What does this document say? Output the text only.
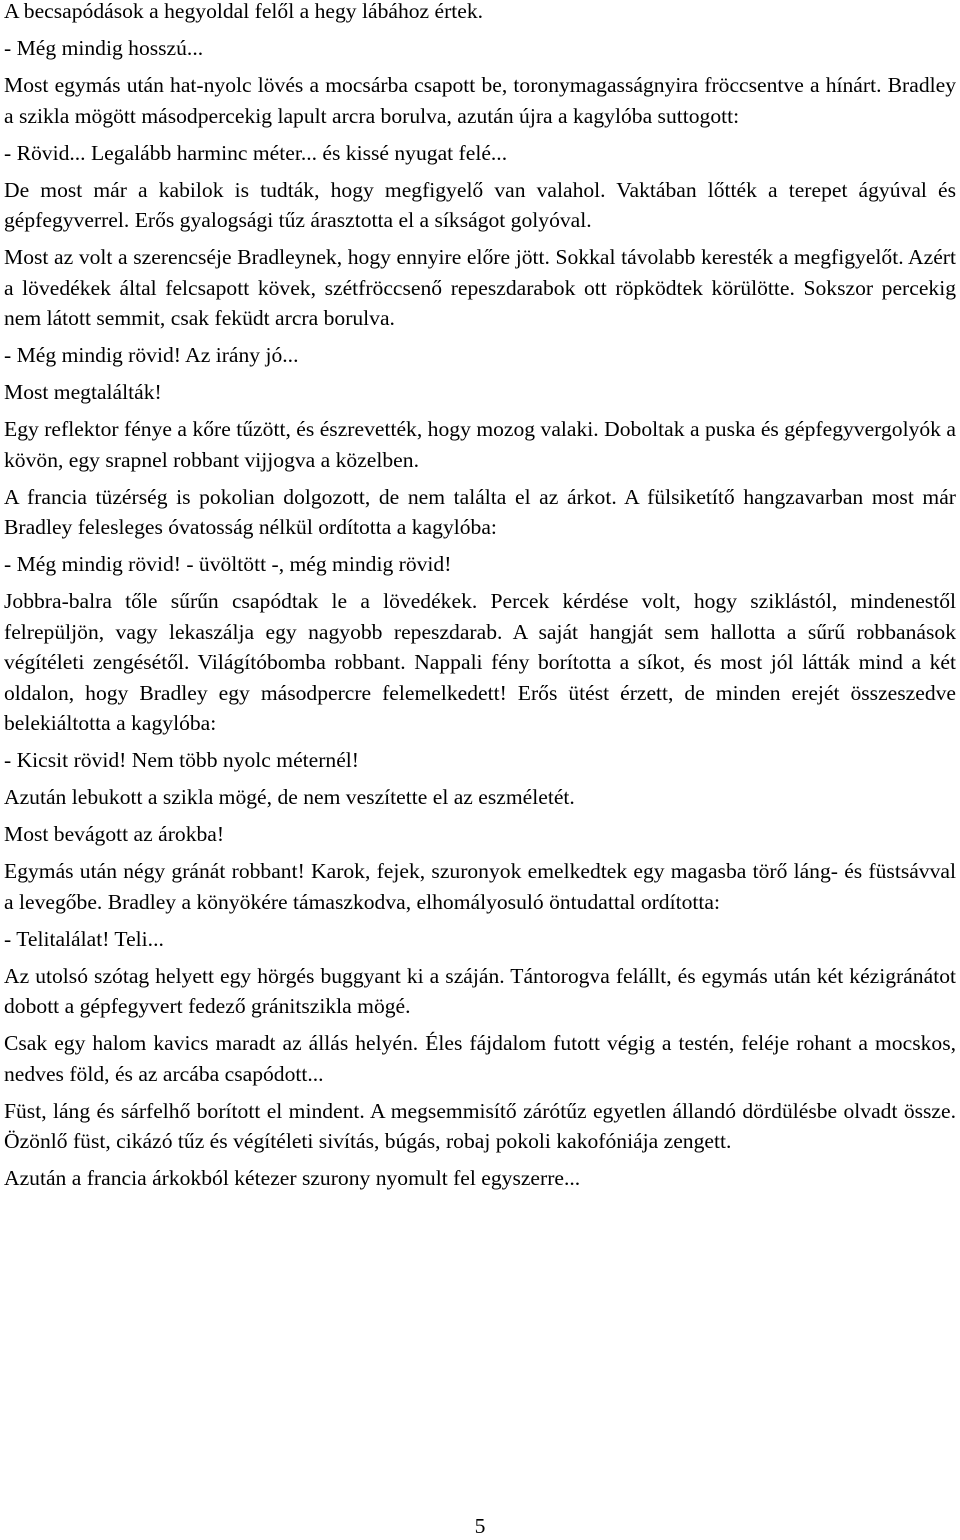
A becsapódások a hegyoldal felől a hegy lábához értek.

- Még mindig hosszú...

Most egymás után hat-nyolc lövés a mocsárba csapott be, toronymagasságnyira fröccsentve a hínárt. Bradley a szikla mögött másodpercekig lapult arcra borulva, azután újra a kagylóba suttogott:

- Rövid... Legalább harminc méter... és kissé nyugat felé...

De most már a kabilok is tudták, hogy megfigyelő van valahol. Vaktában lőtték a terepet ágyúval és gépfegyverrel. Erős gyalogsági tűz árasztotta el a síkságot golyóval.

Most az volt a szerencséje Bradleynek, hogy ennyire előre jött. Sokkal távolabb keresték a megfigyelőt. Azért a lövedékek által felcsapott kövek, szétfröccsenő repeszdarabok ott röpködtek körülötte. Sokszor percekig nem látott semmit, csak feküdt arcra borulva.

- Még mindig rövid! Az irány jó...

Most megtalálták!

Egy reflektor fénye a kőre tűzött, és észrevették, hogy mozog valaki. Doboltak a puska és gépfegyvergolyók a kövön, egy srapnel robbant vijjogva a közelben.

A francia tüzérség is pokolian dolgozott, de nem találta el az árkot. A fülsiketítő hangzavarban most már Bradley felesleges óvatosság nélkül ordította a kagylóba:

- Még mindig rövid! - üvöltött -, még mindig rövid!

Jobbra-balra tőle sűrűn csapódtak le a lövedékek. Percek kérdése volt, hogy sziklástól, mindenestől felrepüljön, vagy lekaszálja egy nagyobb repeszdarab. A saját hangját sem hallotta a sűrű robbanások végítéleti zengésétől. Világítóbomba robbant. Nappali fény borította a síkot, és most jól látták mind a két oldalon, hogy Bradley egy másodpercre felemelkedett! Erős ütést érzett, de minden erejét összeszedve belekiáltotta a kagylóba:

- Kicsit rövid! Nem több nyolc méternél!

Azután lebukott a szikla mögé, de nem veszítette el az eszméletét.

Most bevágott az árokba!

Egymás után négy gránát robbant! Karok, fejek, szuronyok emelkedtek egy magasba törő láng- és füstsávval a levegőbe. Bradley a könyökére támaszkodva, elhomályosuló öntudattal ordította:

- Telitalálat! Teli...

Az utolsó szótag helyett egy hörgés buggyant ki a száján. Tántorogva felállt, és egymás után két kézigránátot dobott a gépfegyvert fedező gránitszikla mögé.

Csak egy halom kavics maradt az állás helyén. Éles fájdalom futott végig a testén, feléje rohant a mocskos, nedves föld, és az arcába csapódott...

Füst, láng és sárfelhő borított el mindent. A megsemmisítő zárótűz egyetlen állandó dördülésbe olvadt össze. Özönlő füst, cikázó tűz és végítéleti sivítás, búgás, robaj pokoli kakofóniája zengett.

Azután a francia árkokból kétezer szurony nyomult fel egyszerre...

5
